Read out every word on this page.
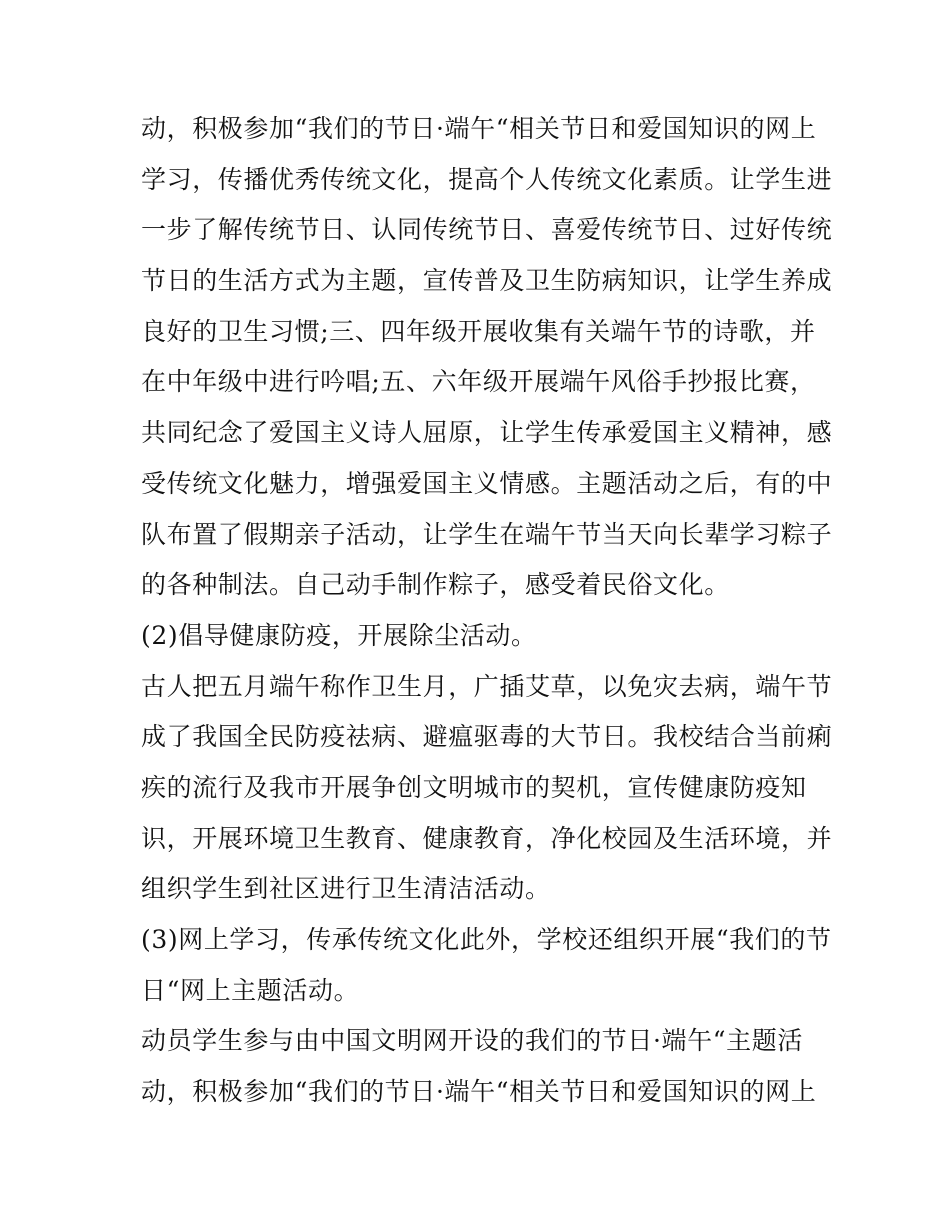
动，积极参加“我们的节日·端午“相关节日和爱国知识的网上
学习，传播优秀传统文化，提高个人传统文化素质。让学生进
一步了解传统节日、认同传统节日、喜爱传统节日、过好传统
节日的生活方式为主题，宣传普及卫生防病知识，让学生养成
良好的卫生习惯;三、四年级开展收集有关端午节的诗歌，并
在中年级中进行吟唱;五、六年级开展端午风俗手抄报比赛，
共同纪念了爱国主义诗人屈原，让学生传承爱国主义精神，感
受传统文化魅力，增强爱国主义情感。主题活动之后，有的中
队布置了假期亲子活动，让学生在端午节当天向长辈学习粽子
的各种制法。自己动手制作粽子，感受着民俗文化。
(2)倡导健康防疫，开展除尘活动。
古人把五月端午称作卫生月，广插艾草，以免灾去病，端午节
成了我国全民防疫祛病、避瘟驱毒的大节日。我校结合当前痢
疾的流行及我市开展争创文明城市的契机，宣传健康防疫知
识，开展环境卫生教育、健康教育，净化校园及生活环境，并
组织学生到社区进行卫生清洁活动。
(3)网上学习，传承传统文化此外，学校还组织开展“我们的节
日“网上主题活动。
动员学生参与由中国文明网开设的我们的节日·端午“主题活
动，积极参加“我们的节日·端午“相关节日和爱国知识的网上
